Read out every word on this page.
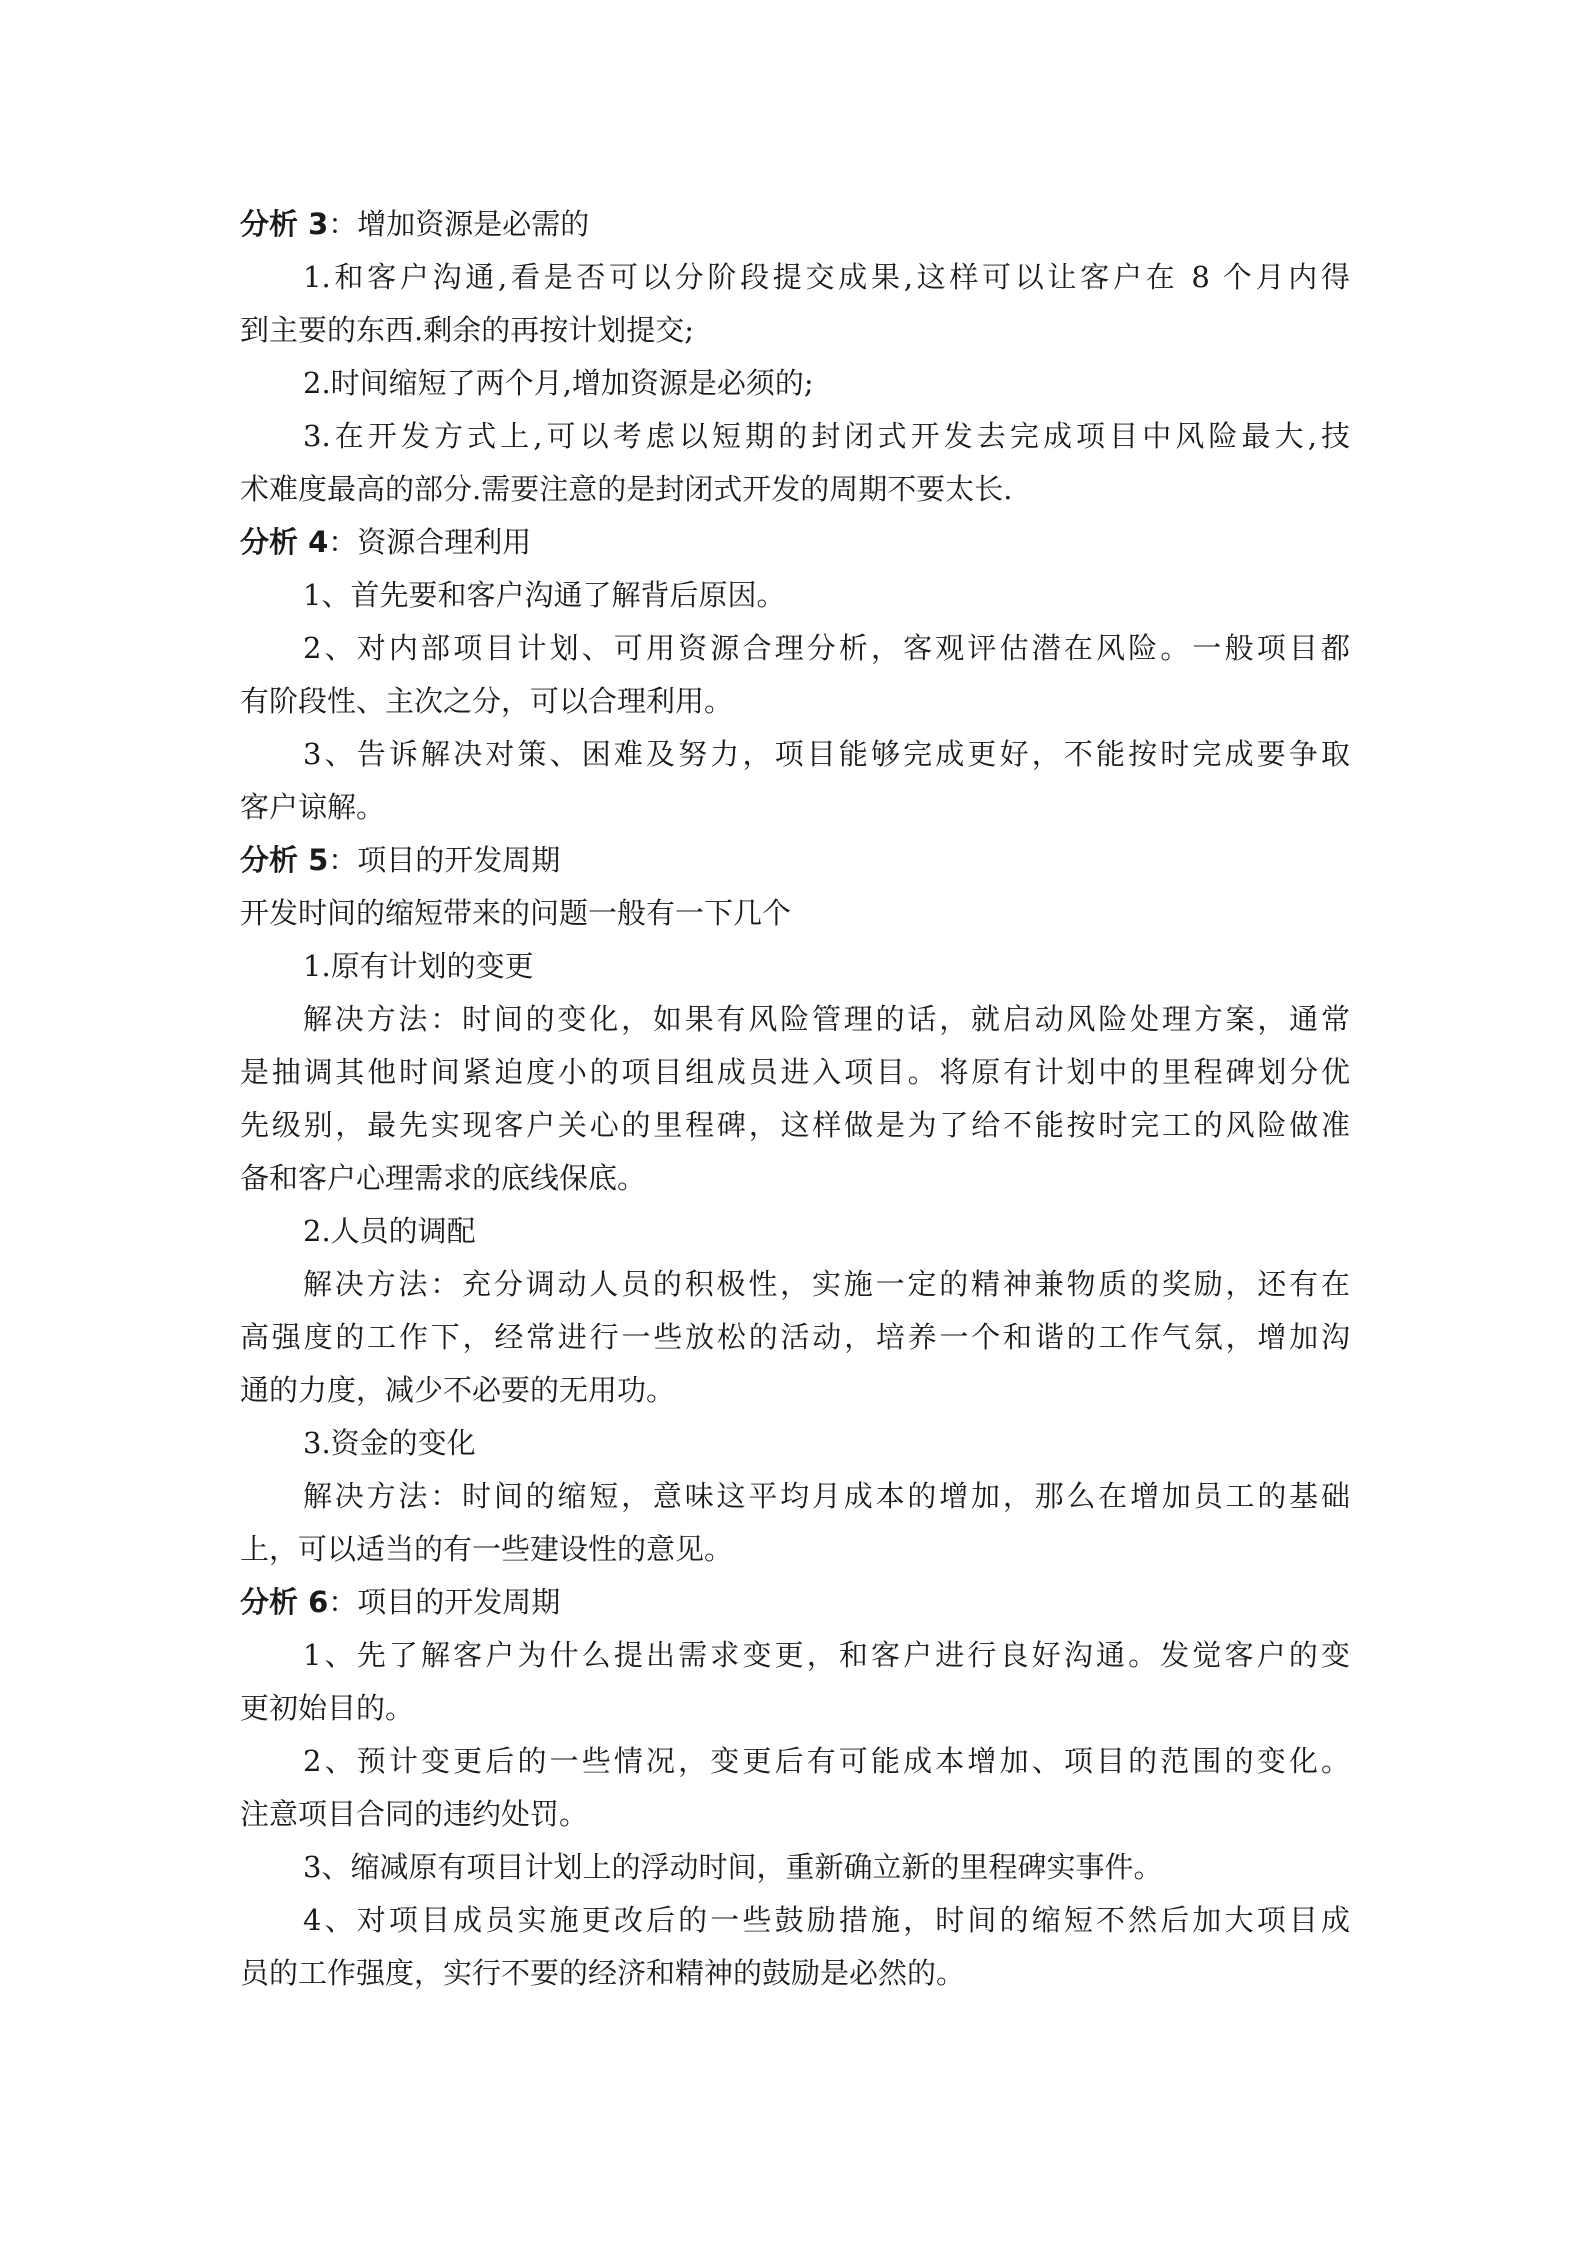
分析 3：增加资源是必需的
1.和客户沟通,看是否可以分阶段提交成果,这样可以让客户在 8 个月内得
到主要的东西.剩余的再按计划提交;
2.时间缩短了两个月,增加资源是必须的;
3.在开发方式上,可以考虑以短期的封闭式开发去完成项目中风险最大,技
术难度最高的部分.需要注意的是封闭式开发的周期不要太长.
分析 4：资源合理利用
1、首先要和客户沟通了解背后原因。
2、对内部项目计划、可用资源合理分析，客观评估潜在风险。一般项目都
有阶段性、主次之分，可以合理利用。
3、告诉解决对策、困难及努力，项目能够完成更好，不能按时完成要争取
客户谅解。
分析 5：项目的开发周期
开发时间的缩短带来的问题一般有一下几个
1.原有计划的变更
解决方法：时间的变化，如果有风险管理的话，就启动风险处理方案，通常
是抽调其他时间紧迫度小的项目组成员进入项目。将原有计划中的里程碑划分优
先级别，最先实现客户关心的里程碑，这样做是为了给不能按时完工的风险做准
备和客户心理需求的底线保底。
2.人员的调配
解决方法：充分调动人员的积极性，实施一定的精神兼物质的奖励，还有在
高强度的工作下，经常进行一些放松的活动，培养一个和谐的工作气氛，增加沟
通的力度，减少不必要的无用功。
3.资金的变化
解决方法：时间的缩短，意味这平均月成本的增加，那么在增加员工的基础
上，可以适当的有一些建设性的意见。
分析 6：项目的开发周期
1、先了解客户为什么提出需求变更，和客户进行良好沟通。发觉客户的变
更初始目的。
2、预计变更后的一些情况，变更后有可能成本增加、项目的范围的变化。
注意项目合同的违约处罚。
3、缩减原有项目计划上的浮动时间，重新确立新的里程碑实事件。
4、对项目成员实施更改后的一些鼓励措施，时间的缩短不然后加大项目成
员的工作强度，实行不要的经济和精神的鼓励是必然的。
